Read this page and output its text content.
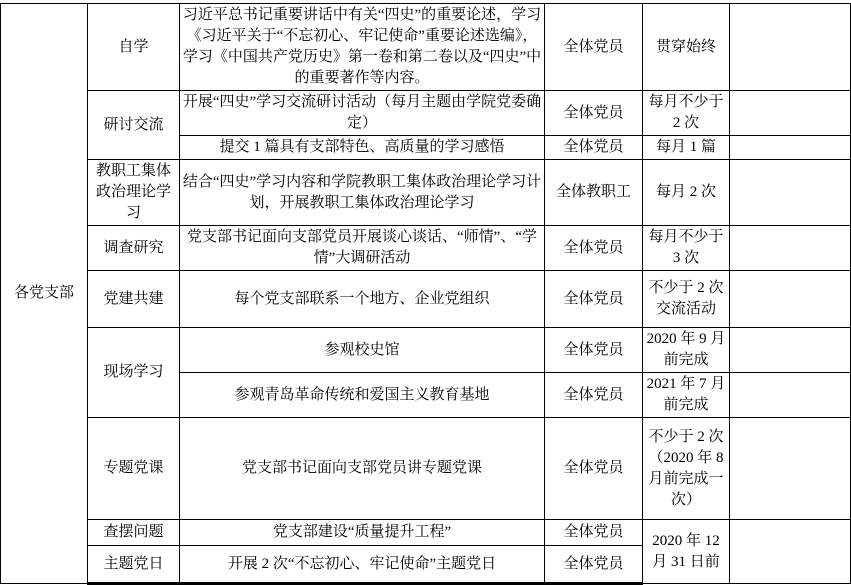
各党支部	自学	习近平总书记重要讲话中有关“四史”的重要论述，学习《习近平关于“不忘初心、牢记使命”重要论述选编》，学习《中国共产党历史》第一卷和第二卷以及“四史”中的重要著作等内容。	全体党员	贯穿始终	
	研讨交流	开展“四史”学习交流研讨活动（每月主题由学院党委确定）	全体党员	每月不少于 2 次	
		提交 1 篇具有支部特色、高质量的学习感悟	全体党员	每月 1 篇	
	教职工集体政治理论学习	结合“四史”学习内容和学院教职工集体政治理论学习计划，开展教职工集体政治理论学习	全体教职工	每月 2 次	
	调查研究	党支部书记面向支部党员开展谈心谈话、“师情”、“学情”大调研活动	全体党员	每月不少于 3 次	
	党建共建	每个党支部联系一个地方、企业党组织	全体党员	不少于 2 次交流活动	
	现场学习	参观校史馆	全体党员	2020 年 9 月前完成	
		参观青岛革命传统和爱国主义教育基地	全体党员	2021 年 7 月前完成	
	专题党课	党支部书记面向支部党员讲专题党课	全体党员	不少于 2 次（2020 年 8 月前完成一次）	
	查摆问题	党支部建设“质量提升工程”	全体党员	2020 年 12 月 31 日前	
	主题党日	开展 2 次“不忘初心、牢记使命”主题党日	全体党员		
